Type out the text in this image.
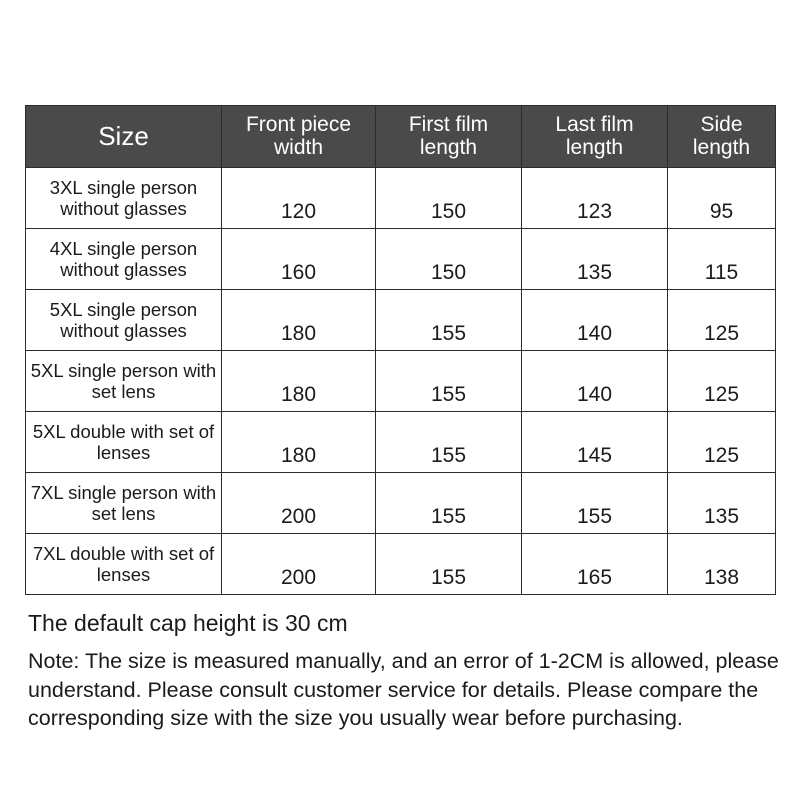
Size	Front piece width	First film length	Last film length	Side length
3XL single person without glasses	120	150	123	95
4XL single person without glasses	160	150	135	115
5XL single person without glasses	180	155	140	125
5XL single person with set lens	180	155	140	125
5XL double with set of lenses	180	155	145	125
7XL single person with set lens	200	155	155	135
7XL double with set of lenses	200	155	165	138
The default cap height is 30 cm
Note: The size is measured manually, and an error of 1-2CM is allowed, please understand. Please consult customer service for details. Please compare the corresponding size with the size you usually wear before purchasing.
